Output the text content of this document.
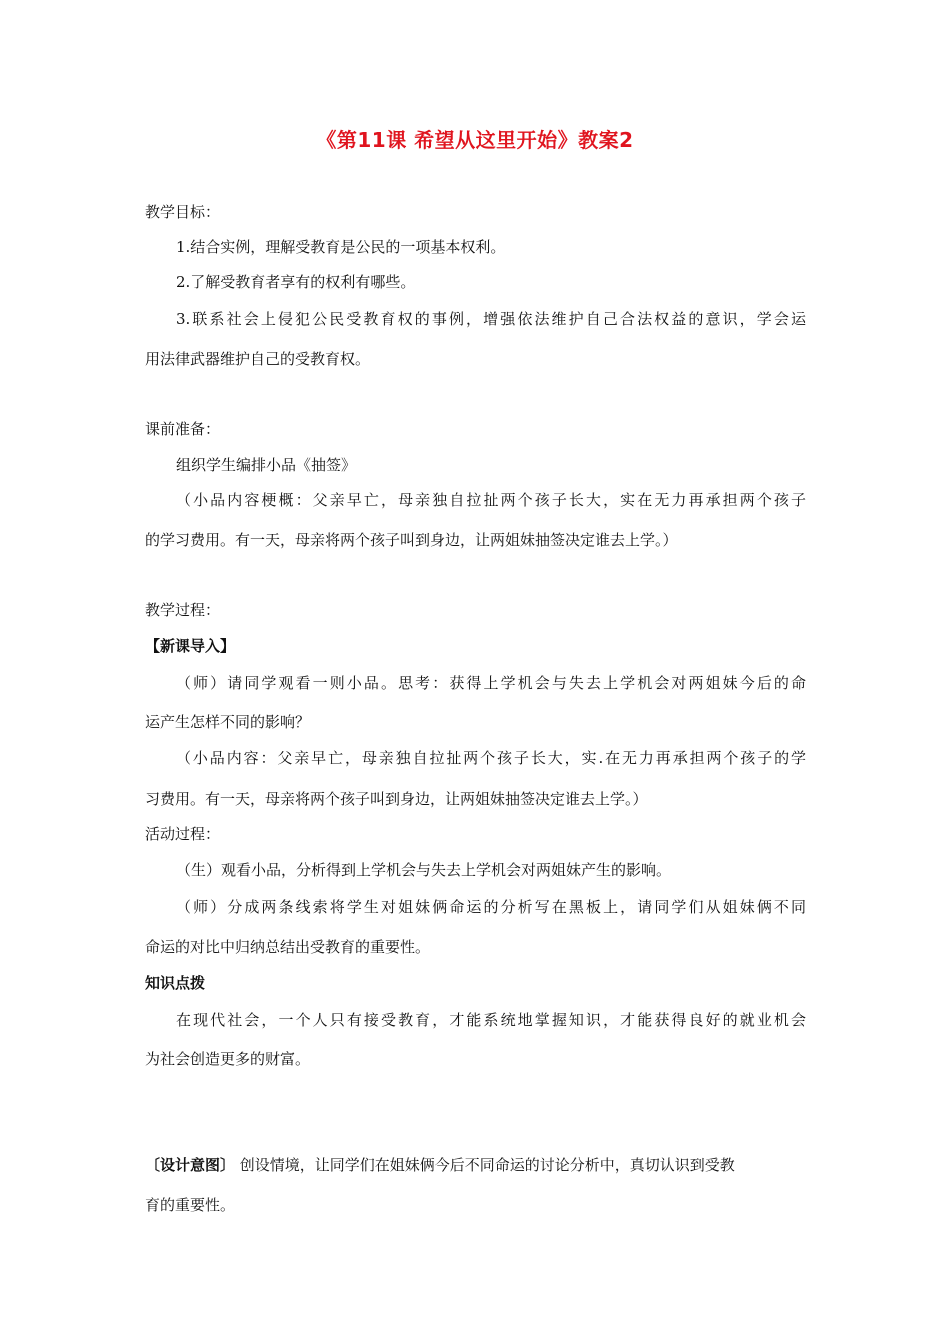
《第11课 希望从这里开始》教案2
教学目标：
1.结合实例，理解受教育是公民的一项基本权利。
2.了解受教育者享有的权利有哪些。
3.联系社会上侵犯公民受教育权的事例，增强依法维护自己合法权益的意识，学会运
用法律武器维护自己的受教育权。
课前准备：
组织学生编排小品《抽签》
（小品内容梗概：父亲早亡，母亲独自拉扯两个孩子长大，实在无力再承担两个孩子
的学习费用。有一天，母亲将两个孩子叫到身边，让两姐妹抽签决定谁去上学。）
教学过程：
【新课导入】
（师）请同学观看一则小品。思考：获得上学机会与失去上学机会对两姐妹今后的命
运产生怎样不同的影响？
（小品内容：父亲早亡，母亲独自拉扯两个孩子长大，实.在无力再承担两个孩子的学
习费用。有一天，母亲将两个孩子叫到身边，让两姐妹抽签决定谁去上学。）
活动过程：
（生）观看小品，分析得到上学机会与失去上学机会对两姐妹产生的影响。
（师）分成两条线索将学生对姐妹俩命运的分析写在黑板上，请同学们从姐妹俩不同
命运的对比中归纳总结出受教育的重要性。
知识点拨
在现代社会，一个人只有接受教育，才能系统地掌握知识，才能获得良好的就业机会
为社会创造更多的财富。
〔设计意图〕 创设情境，让同学们在姐妹俩今后不同命运的讨论分析中，真切认识到受教
育的重要性。
